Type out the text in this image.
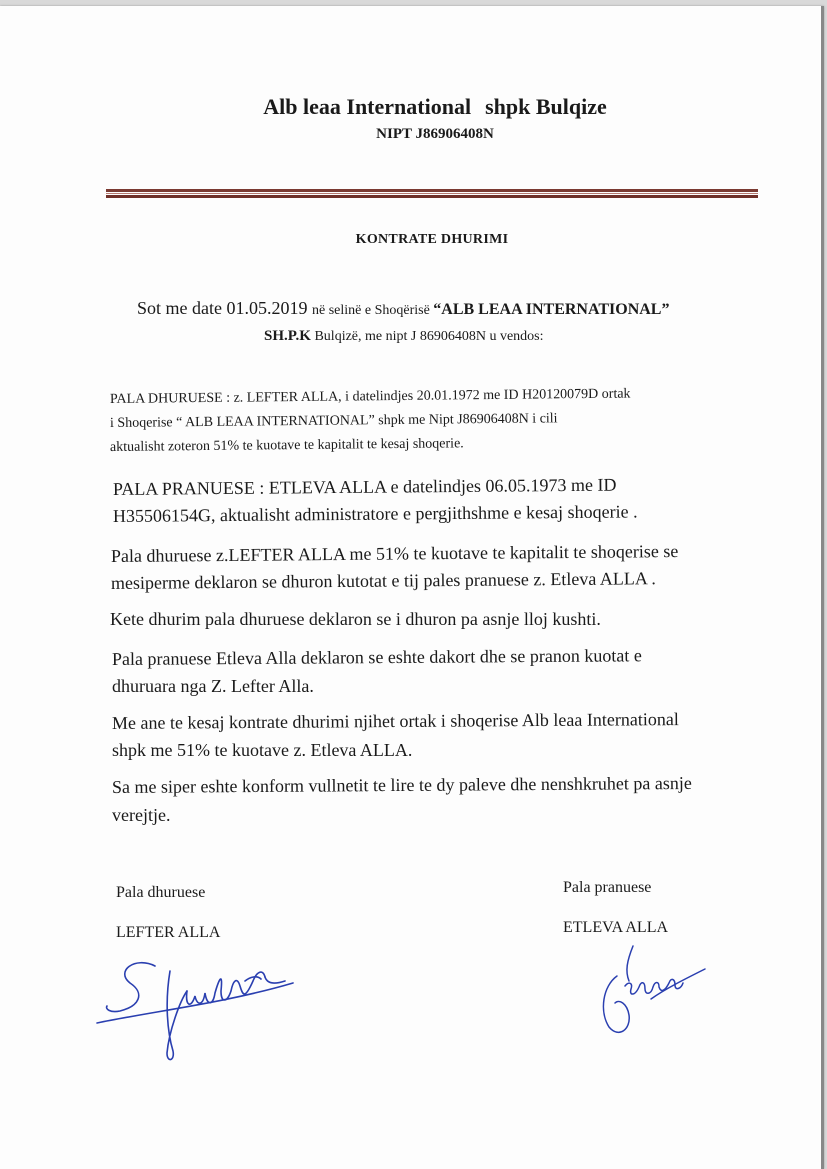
Alb leaa International shpk Bulqize
NIPT J86906408N
KONTRATE DHURIMI
Sot me date 01.05.2019 në selinë e Shoqërisë “ALB LEAA INTERNATIONAL”
SH.P.K Bulqizë, me nipt J 86906408N u vendos:
PALA DHURUESE : z. LEFTER ALLA, i datelindjes 20.01.1972 me ID H20120079D ortak
i Shoqerise “ ALB LEAA INTERNATIONAL” shpk me Nipt J86906408N i cili
aktualisht zoteron 51% te kuotave te kapitalit te kesaj shoqerie.
PALA PRANUESE : ETLEVA ALLA e datelindjes 06.05.1973 me ID
H35506154G, aktualisht administratore e pergjithshme e kesaj shoqerie .
Pala dhuruese z.LEFTER ALLA me 51% te kuotave te kapitalit te shoqerise se
mesiperme deklaron se dhuron kutotat e tij pales pranuese z. Etleva ALLA .
Kete dhurim pala dhuruese deklaron se i dhuron pa asnje lloj kushti.
Pala pranuese Etleva Alla deklaron se eshte dakort dhe se pranon kuotat e
dhuruara nga Z. Lefter Alla.
Me ane te kesaj kontrate dhurimi njihet ortak i shoqerise Alb leaa International
shpk me 51% te kuotave z. Etleva ALLA.
Sa me siper eshte konform vullnetit te lire te dy paleve dhe nenshkruhet pa asnje
verejtje.
Pala dhuruese
LEFTER ALLA
Pala pranuese
ETLEVA ALLA
